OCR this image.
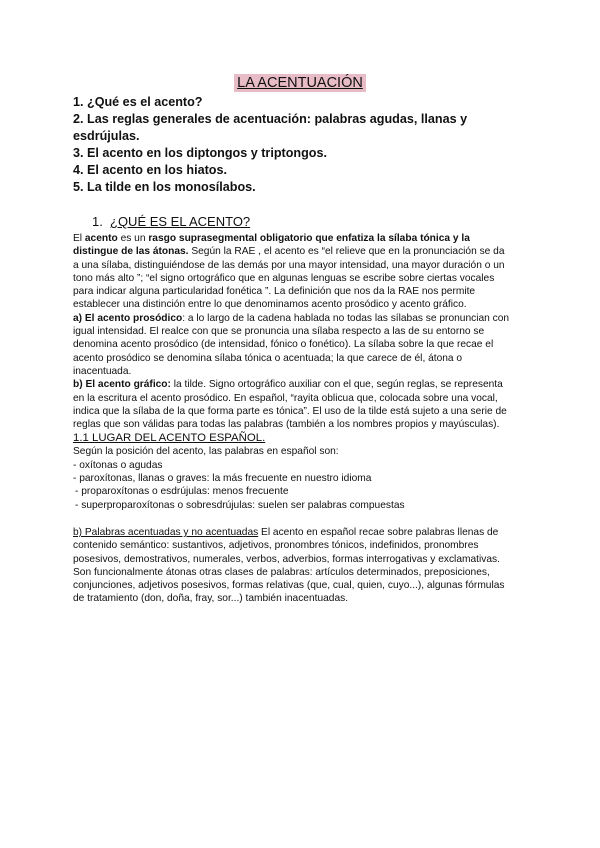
LA ACENTUACIÓN
1. ¿Qué es el acento?
2. Las reglas generales de acentuación: palabras agudas, llanas y esdrújulas.
3. El acento en los diptongos y triptongos.
4. El acento en los hiatos.
5. La tilde en los monosílabos.
1. ¿QUÉ ES EL ACENTO?

El acento es un rasgo suprasegmental obligatorio que enfatiza la sílaba tónica y la distingue de las átonas. Según la RAE , el acento es “el relieve que en la pronunciación se da a una sílaba, distinguiéndose de las demás por una mayor intensidad, una mayor duración o un tono más alto ”; “el signo ortográfico que en algunas lenguas se escribe sobre ciertas vocales para indicar alguna particularidad fonética ”. La definición que nos da la RAE nos permite establecer una distinción entre lo que denominamos acento prosódico y acento gráfico.

a) El acento prosódico: a lo largo de la cadena hablada no todas las sílabas se pronuncian con igual intensidad. El realce con que se pronuncia una sílaba respecto a las de su entorno se denomina acento prosódico (de intensidad, fónico o fonético). La sílaba sobre la que recae el acento prosódico se denomina sílaba tónica o acentuada; la que carece de él, átona o inacentuada.

b) El acento gráfico: la tilde. Signo ortográfico auxiliar con el que, según reglas, se representa en la escritura el acento prosódico. En español, “rayita oblicua que, colocada sobre una vocal, indica que la sílaba de la que forma parte es tónica”. El uso de la tilde está sujeto a una serie de reglas que son válidas para todas las palabras (también a los nombres propios y mayúsculas).

1.1 LUGAR DEL ACENTO ESPAÑOL.

Según la posición del acento, las palabras en español son:

- oxítonas o agudas

- paroxítonas, llanas o graves: la más frecuente en nuestro idioma

- proparoxítonas o esdrújulas: menos frecuente

- superproparoxítonas o sobresdrújulas: suelen ser palabras compuestas

b) Palabras acentuadas y no acentuadas El acento en español recae sobre palabras llenas de contenido semántico: sustantivos, adjetivos, pronombres tónicos, indefinidos, pronombres posesivos, demostrativos, numerales, verbos, adverbios, formas interrogativas y exclamativas. Son funcionalmente átonas otras clases de palabras: artículos determinados, preposiciones, conjunciones, adjetivos posesivos, formas relativas (que, cual, quien, cuyo...), algunas fórmulas de tratamiento (don, doña, fray, sor...) también inacentuadas.
